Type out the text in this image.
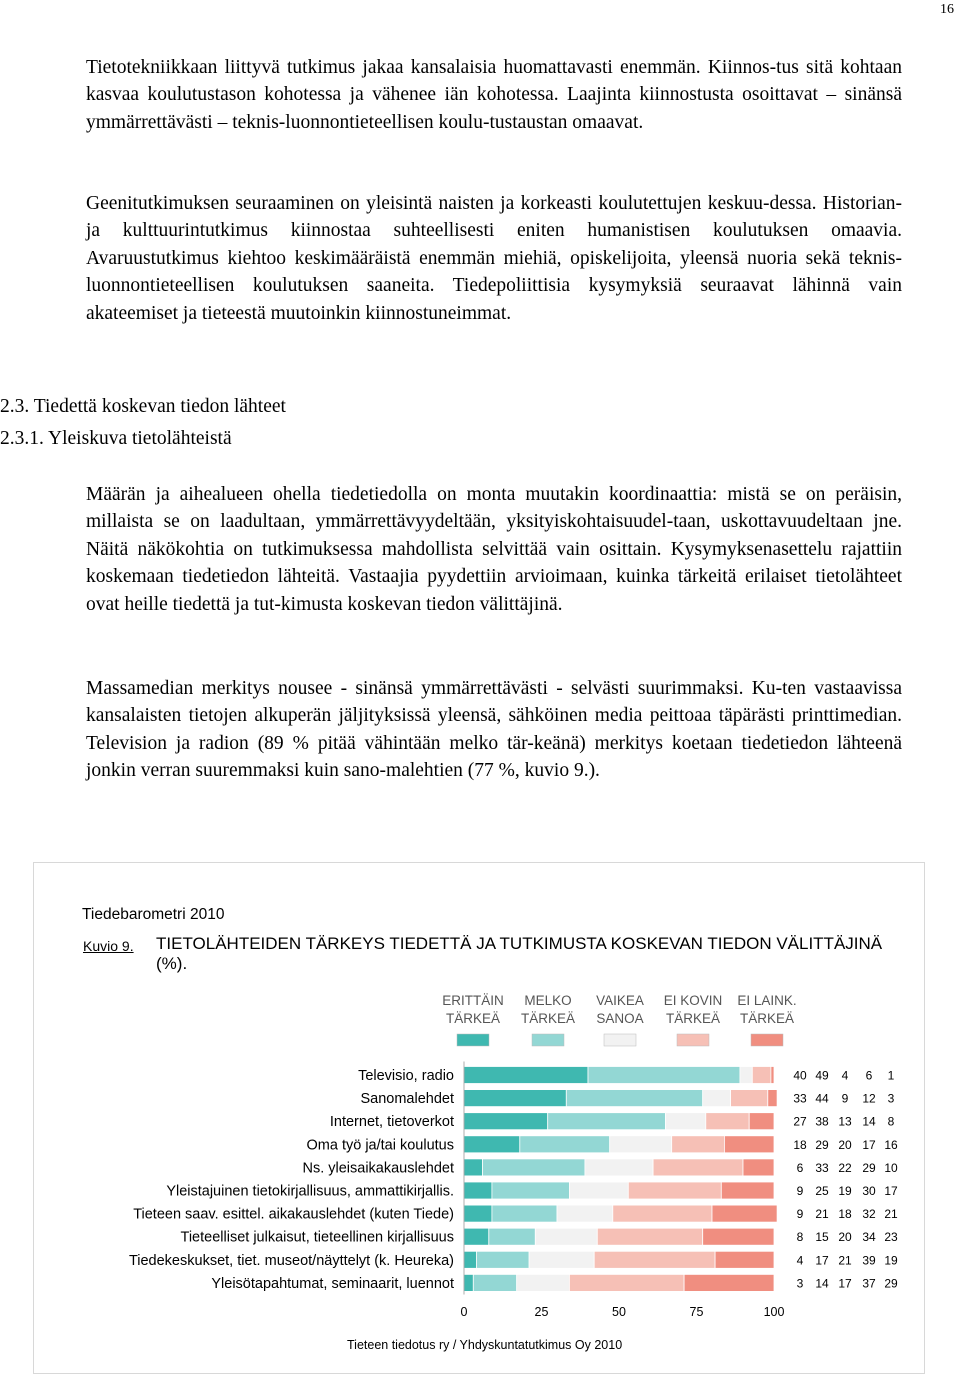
16

Tietotekniikkaan liittyvä tutkimus jakaa kansalaisia huomattavasti enemmän. Kiinnos-tus sitä kohtaan kasvaa koulutustason kohotessa ja vähenee iän kohotessa. Laajinta kiinnostusta osoittavat – sinänsä ymmärrettävästi – teknis-luonnontieteellisen koulu-tustaustan omaavat.

Geenitutkimuksen seuraaminen on yleisintä naisten ja korkeasti koulutettujen keskuu-dessa. Historian- ja kulttuurintutkimus kiinnostaa suhteellisesti eniten humanistisen koulutuksen omaavia. Avaruustutkimus kiehtoo keskimääräistä enemmän miehiä, opiskelijoita, yleensä nuoria sekä teknis-luonnontieteellisen koulutuksen saaneita. Tiedepoliittisia kysymyksiä seuraavat lähinnä vain akateemiset ja tieteestä muutoinkin kiinnostuneimmat.

2.3. Tiedettä koskevan tiedon lähteet

2.3.1. Yleiskuva tietolähteistä

Määrän ja aihealueen ohella tiedetiedolla on monta muutakin koordinaattia: mistä se on peräisin, millaista se on laadultaan, ymmärrettävyydeltään, yksityiskohtaisuudel-taan, uskottavuudeltaan jne. Näitä näkökohtia on tutkimuksessa mahdollista selvittää vain osittain. Kysymyksenasettelu rajattiin koskemaan tiedetiedon lähteitä. Vastaajia pyydettiin arvioimaan, kuinka tärkeitä erilaiset tietolähteet ovat heille tiedettä ja tut-kimusta koskevan tiedon välittäjinä.

Massamedian merkitys nousee - sinänsä ymmärrettävästi - selvästi suurimmaksi. Ku-ten vastaavissa kansalaisten tietojen alkuperän jäljityksissä yleensä, sähköinen media peittoaa täpärästi printtimedian. Television ja radion (89 % pitää vähintään melko tär-keänä) merkitys koetaan tiedetiedon lähteenä jonkin verran suuremmaksi kuin sano-malehtien (77 %, kuvio 9.).

Tiedebarometri 2010
Kuvio 9. TIETOLÄHTEIDEN TÄRKEYS TIEDETTÄ JA TUTKIMUSTA KOSKEVAN TIEDON VÄLITTÄJINÄ (%).
Tieteen tiedotus ry / Yhdyskuntatutkimus Oy 2010
ERITTÄIN
TÄRKEÄ
MELKO
TÄRKEÄ
VAIKEA
SANOA
EI KOVIN
TÄRKEÄ
EI LAINK.
TÄRKEÄ
Televisio, radio	40 49 4 6 1
Sanomalehdet	33 44 9 12 3
Internet, tietoverkot	27 38 13 14 8
Oma työ ja/tai koulutus	18 29 20 17 16
Ns. yleisaikakauslehdet	6 33 22 29 10
Yleistajuinen tietokirjallisuus, ammattikirjallis.	9 25 19 30 17
Tieteen saav. esittel. aikakauslehdet (kuten Tiede)	9 21 18 32 21
Tieteelliset julkaisut, tieteellinen kirjallisuus	8 15 20 34 23
Tiedekeskukset, tiet. museot/näyttelyt (k. Heureka)	4 17 21 39 19
Yleisötapahtumat, seminaarit, luennot	3 14 17 37 29
0	25	50	75	100
